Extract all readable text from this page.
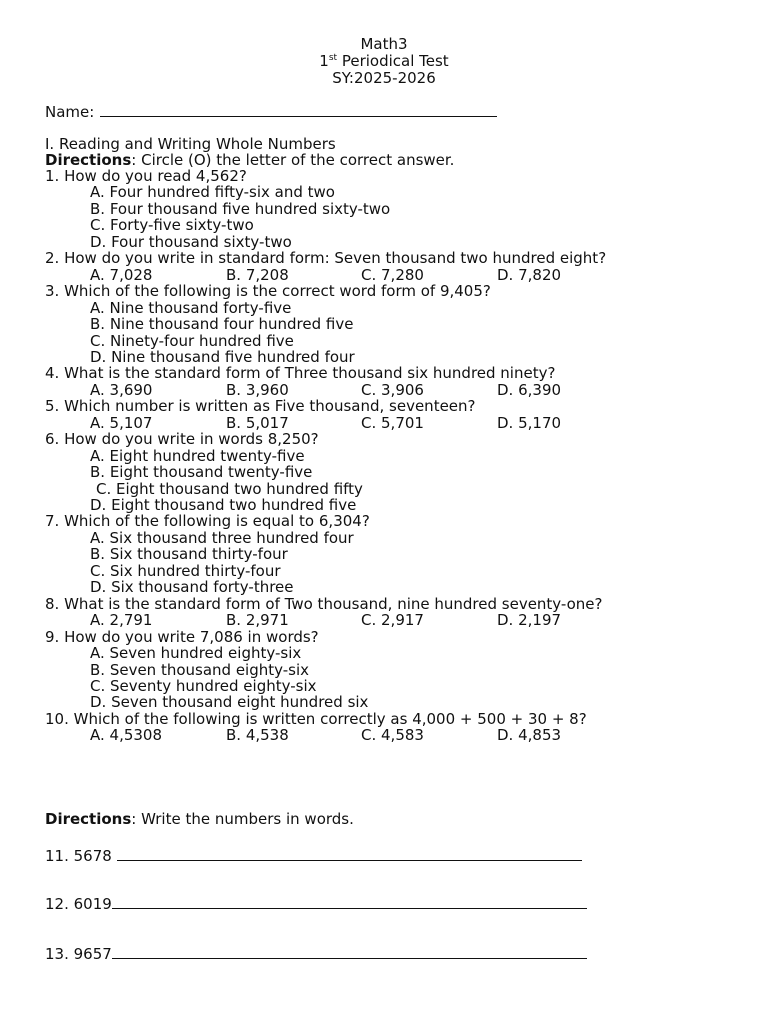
Math3
1st Periodical Test
SY:2025-2026
Name:
I. Reading and Writing Whole Numbers
Directions: Circle (O) the letter of the correct answer.
1. How do you read 4,562?
A. Four hundred fifty-six and two
B. Four thousand five hundred sixty-two
C. Forty-five sixty-two
D. Four thousand sixty-two
2. How do you write in standard form: Seven thousand two hundred eight?
A. 7,028	B. 7,208	C. 7,280	D. 7,820
3. Which of the following is the correct word form of 9,405?
A. Nine thousand forty-five
B. Nine thousand four hundred five
C. Ninety-four hundred five
D. Nine thousand five hundred four
4. What is the standard form of Three thousand six hundred ninety?
A. 3,690	B. 3,960	C. 3,906	D. 6,390
5. Which number is written as Five thousand, seventeen?
A. 5,107	B. 5,017	C. 5,701	D. 5,170
6. How do you write in words 8,250?
A. Eight hundred twenty-five
B. Eight thousand twenty-five
C. Eight thousand two hundred fifty
D. Eight thousand two hundred five
7. Which of the following is equal to 6,304?
A. Six thousand three hundred four
B. Six thousand thirty-four
C. Six hundred thirty-four
D. Six thousand forty-three
8. What is the standard form of Two thousand, nine hundred seventy-one?
A. 2,791	B. 2,971	C. 2,917	D. 2,197
9. How do you write 7,086 in words?
A. Seven hundred eighty-six
B. Seven thousand eighty-six
C. Seventy hundred eighty-six
D. Seven thousand eight hundred six
10. Which of the following is written correctly as 4,000 + 500 + 30 + 8?
A. 4,5308	B. 4,538	C. 4,583	D. 4,853
Directions: Write the numbers in words.
11. 5678
12. 6019
13. 9657
